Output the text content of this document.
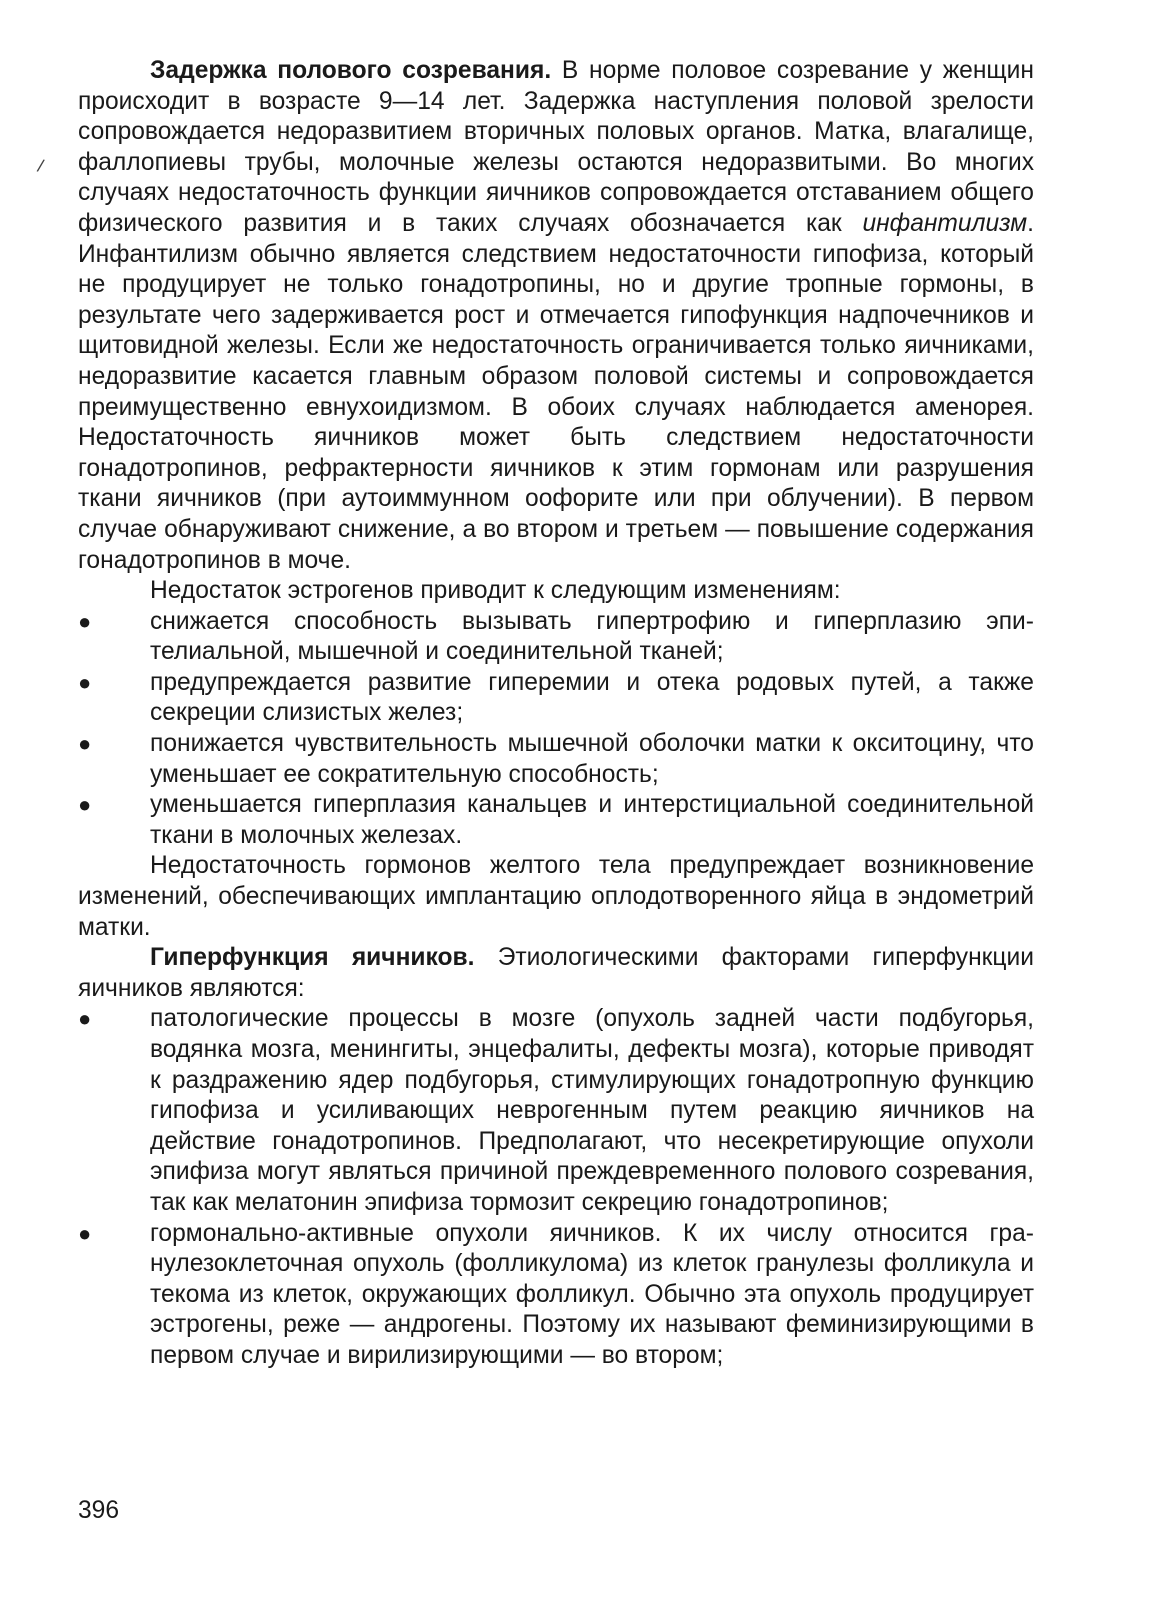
/

Задержка полового созревания. В норме половое созревание у женщин происходит в возрасте 9—14 лет. Задержка наступления половой зрелости сопровождается недоразвитием вторичных половых органов. Матка, влагалище, фаллопиевы трубы, молочные железы остаются недоразвитыми. Во многих случаях недостаточность функции яичников сопровождается отставанием общего физического развития и в таких случаях обозначается как инфантилизм. Инфантилизм обычно является следствием недостаточности гипофиза, который не продуцирует не только гонадотропины, но и другие тропные гормоны, в результате чего задерживается рост и отмечается гипофункция надпочечников и щитовидной железы. Если же недостаточность ограничивается только яичниками, недоразвитие касается главным образом половой системы и сопровождается преимущественно евнухоидизмом. В обоих случаях наблюдается аменорея. Недостаточность яичников может быть следствием недостаточности гонадотропинов, рефрактерности яичников к этим гормонам или разрушения ткани яичников (при аутоиммунном оофорите или при облучении). В первом случае обнаруживают снижение, а во втором и третьем — повышение содержания гонадотропинов в моче.

Недостаток эстрогенов приводит к следующим изменениям:

● снижается способность вызывать гипертрофию и гиперплазию эпителиальной, мышечной и соединительной тканей;
● предупреждается развитие гиперемии и отека родовых путей, а также секреции слизистых желез;
● понижается чувствительность мышечной оболочки матки к окситоцину, что уменьшает ее сократительную способность;
● уменьшается гиперплазия канальцев и интерстициальной соединительной ткани в молочных железах.

Недостаточность гормонов желтого тела предупреждает возникновение изменений, обеспечивающих имплантацию оплодотворенного яйца в эндометрий матки.

Гиперфункция яичников. Этиологическими факторами гиперфункции яичников являются:

● патологические процессы в мозге (опухоль задней части подбугорья, водянка мозга, менингиты, энцефалиты, дефекты мозга), которые приводят к раздражению ядер подбугорья, стимулирующих гонадотропную функцию гипофиза и усиливающих неврогенным путем реакцию яичников на действие гонадотропинов. Предполагают, что несекретирующие опухоли эпифиза могут являться причиной преждевременного полового созревания, так как мелатонин эпифиза тормозит секрецию гонадотропинов;
● гормонально-активные опухоли яичников. К их числу относится гранулезоклеточная опухоль (фолликулома) из клеток гранулезы фолликула и текома из клеток, окружающих фолликул. Обычно эта опухоль продуцирует эстрогены, реже — андрогены. Поэтому их называют феминизирующими в первом случае и вирилизирующими — во втором;
396
